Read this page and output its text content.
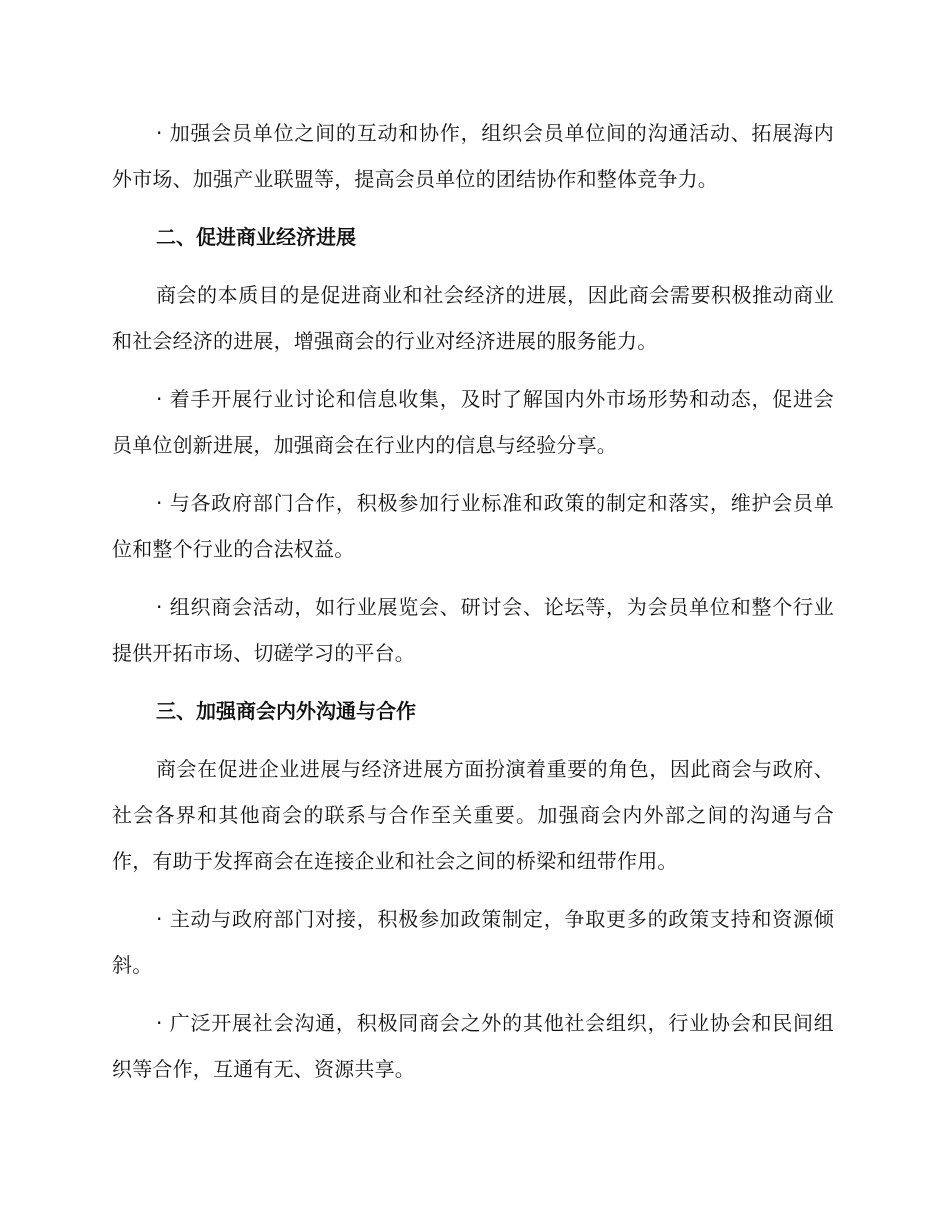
· 加强会员单位之间的互动和协作，组织会员单位间的沟通活动、拓展海内外市场、加强产业联盟等，提高会员单位的团结协作和整体竞争力。

二、促进商业经济进展

商会的本质目的是促进商业和社会经济的进展，因此商会需要积极推动商业和社会经济的进展，增强商会的行业对经济进展的服务能力。

· 着手开展行业讨论和信息收集，及时了解国内外市场形势和动态，促进会员单位创新进展，加强商会在行业内的信息与经验分享。

· 与各政府部门合作，积极参加行业标准和政策的制定和落实，维护会员单位和整个行业的合法权益。

· 组织商会活动，如行业展览会、研讨会、论坛等，为会员单位和整个行业提供开拓市场、切磋学习的平台。

三、加强商会内外沟通与合作

商会在促进企业进展与经济进展方面扮演着重要的角色，因此商会与政府、社会各界和其他商会的联系与合作至关重要。加强商会内外部之间的沟通与合作，有助于发挥商会在连接企业和社会之间的桥梁和纽带作用。

· 主动与政府部门对接，积极参加政策制定，争取更多的政策支持和资源倾斜。

· 广泛开展社会沟通，积极同商会之外的其他社会组织，行业协会和民间组织等合作，互通有无、资源共享。
